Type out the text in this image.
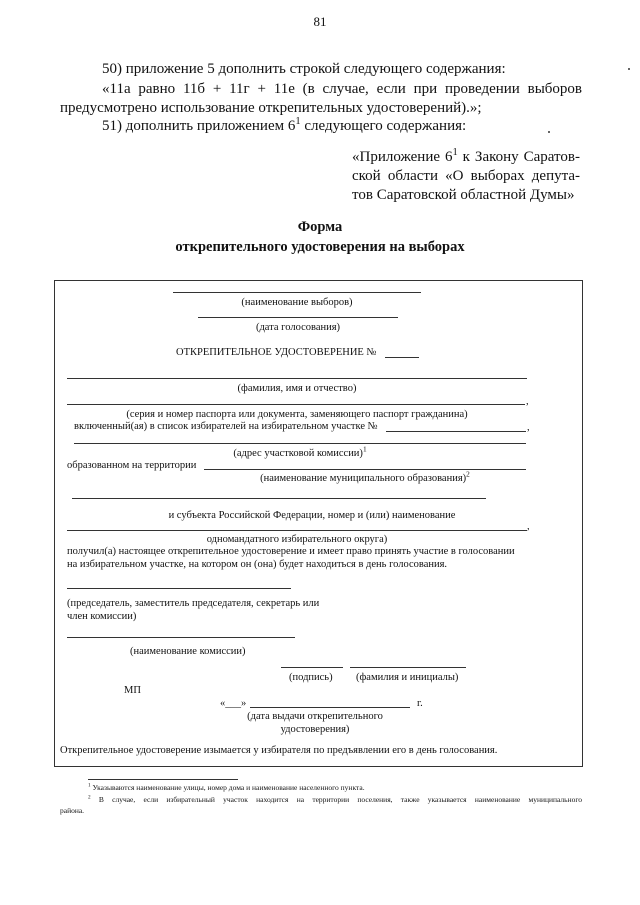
81
50) приложение 5 дополнить строкой следующего содержания:
«11а равно 11б + 11г + 11е (в случае, если при проведении выборов
предусмотрено использование открепительных удостоверений).»;
51) дополнить приложением $6^1$ следующего содержания:
«Приложение $6^1$ к Закону Саратов-
ской области «О выборах депута-
тов Саратовской областной Думы»
Форма
открепительного удостоверения на выборах
(наименование выборов)
(дата голосования)
ОТКРЕПИТЕЛЬНОЕ УДОСТОВЕРЕНИЕ №
(фамилия, имя и отчество)
,
(серия и номер паспорта или документа, заменяющего паспорт гражданина)
включенный(ая) в список избирателей на избирательном участке №	,
(адрес участковой комиссии)$^1$
образованном на территории
(наименование муниципального образования)$^2$
и субъекта Российской Федерации, номер и (или) наименование
,
одномандатного избирательного округа)
получил(а) настоящее открепительное удостоверение и имеет право принять участие в голосовании
на избирательном участке, на котором он (она) будет находиться в день голосования.
(председатель, заместитель председателя, секретарь или
член комиссии)
(наименование комиссии)
(подпись) (фамилия и инициалы)
МП
«___»	г.
(дата выдачи открепительного
удостоверения)
Открепительное удостоверение изымается у избирателя по предъявлении его в день голосования.
$^1$ Указываются наименование улицы, номер дома и наименование населенного пункта.
$^2$ В случае, если избирательный участок находится на территории поселения, также указывается наименование муниципального
района.
